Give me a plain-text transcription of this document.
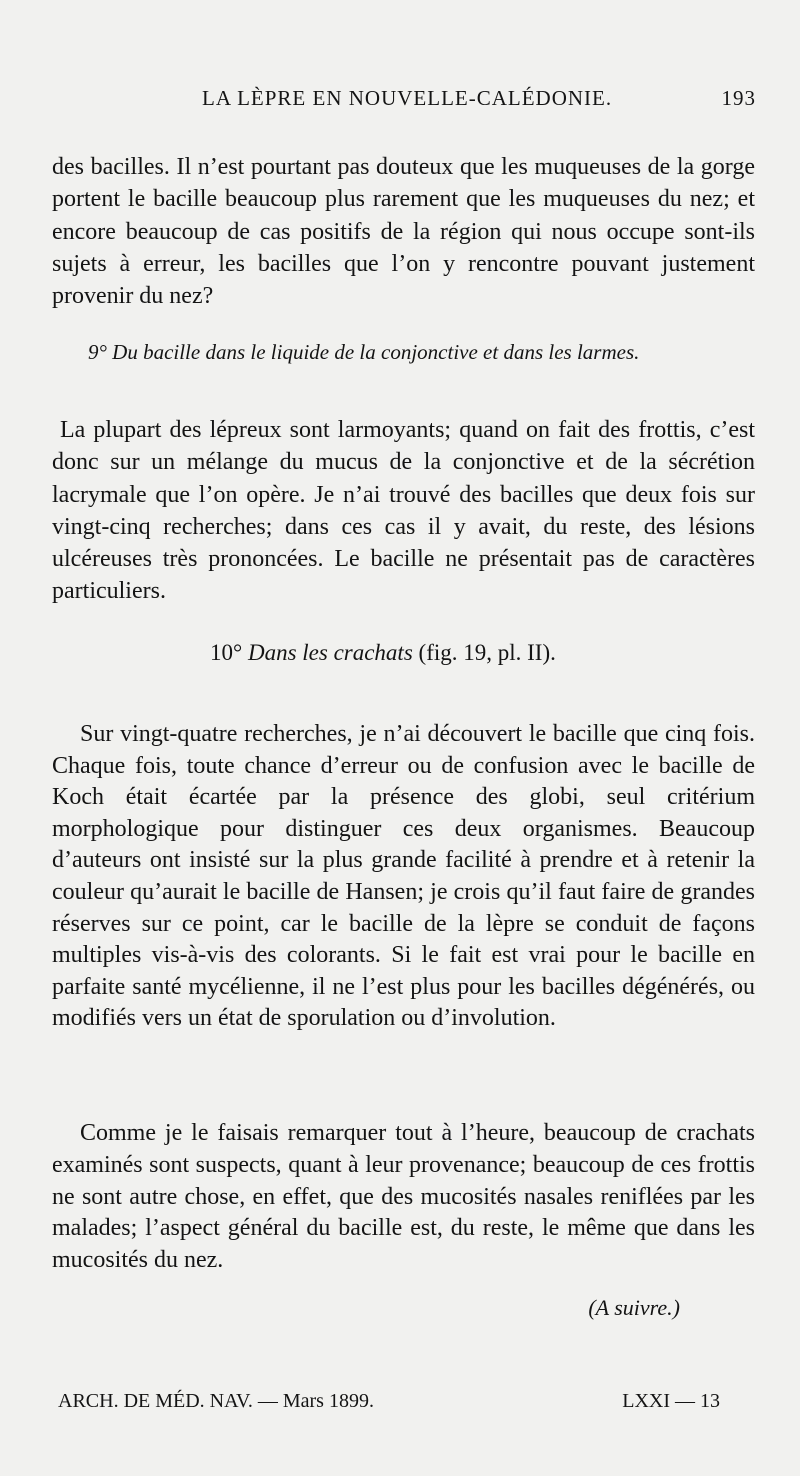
LA LÈPRE EN NOUVELLE-CALÉDONIE.	193

des bacilles. Il n’est pourtant pas douteux que les muqueuses de la gorge portent le bacille beaucoup plus rarement que les muqueuses du nez; et encore beaucoup de cas positifs de la région qui nous occupe sont-ils sujets à erreur, les bacilles que l’on y rencontre pouvant justement provenir du nez?

9° Du bacille dans le liquide de la conjonctive et dans les larmes.

La plupart des lépreux sont larmoyants; quand on fait des frottis, c’est donc sur un mélange du mucus de la conjonctive et de la sécrétion lacrymale que l’on opère. Je n’ai trouvé des bacilles que deux fois sur vingt-cinq recherches; dans ces cas il y avait, du reste, des lésions ulcéreuses très prononcées. Le bacille ne présentait pas de caractères particuliers.

10° Dans les crachats (fig. 19, pl. II).

Sur vingt-quatre recherches, je n’ai découvert le bacille que cinq fois. Chaque fois, toute chance d’erreur ou de confusion avec le bacille de Koch était écartée par la présence des globi, seul critérium morphologique pour distinguer ces deux organismes. Beaucoup d’auteurs ont insisté sur la plus grande facilité à prendre et à retenir la couleur qu’aurait le bacille de Hansen; je crois qu’il faut faire de grandes réserves sur ce point, car le bacille de la lèpre se conduit de façons multiples vis-à-vis des colorants. Si le fait est vrai pour le bacille en parfaite santé mycélienne, il ne l’est plus pour les bacilles dégénérés, ou modifiés vers un état de sporulation ou d’involution.

Comme je le faisais remarquer tout à l’heure, beaucoup de crachats examinés sont suspects, quant à leur provenance; beaucoup de ces frottis ne sont autre chose, en effet, que des mucosités nasales reniflées par les malades; l’aspect général du bacille est, du reste, le même que dans les mucosités du nez.

(A suivre.)
ARCH. DE MÉD. NAV. — Mars 1899.	LXXI — 13
